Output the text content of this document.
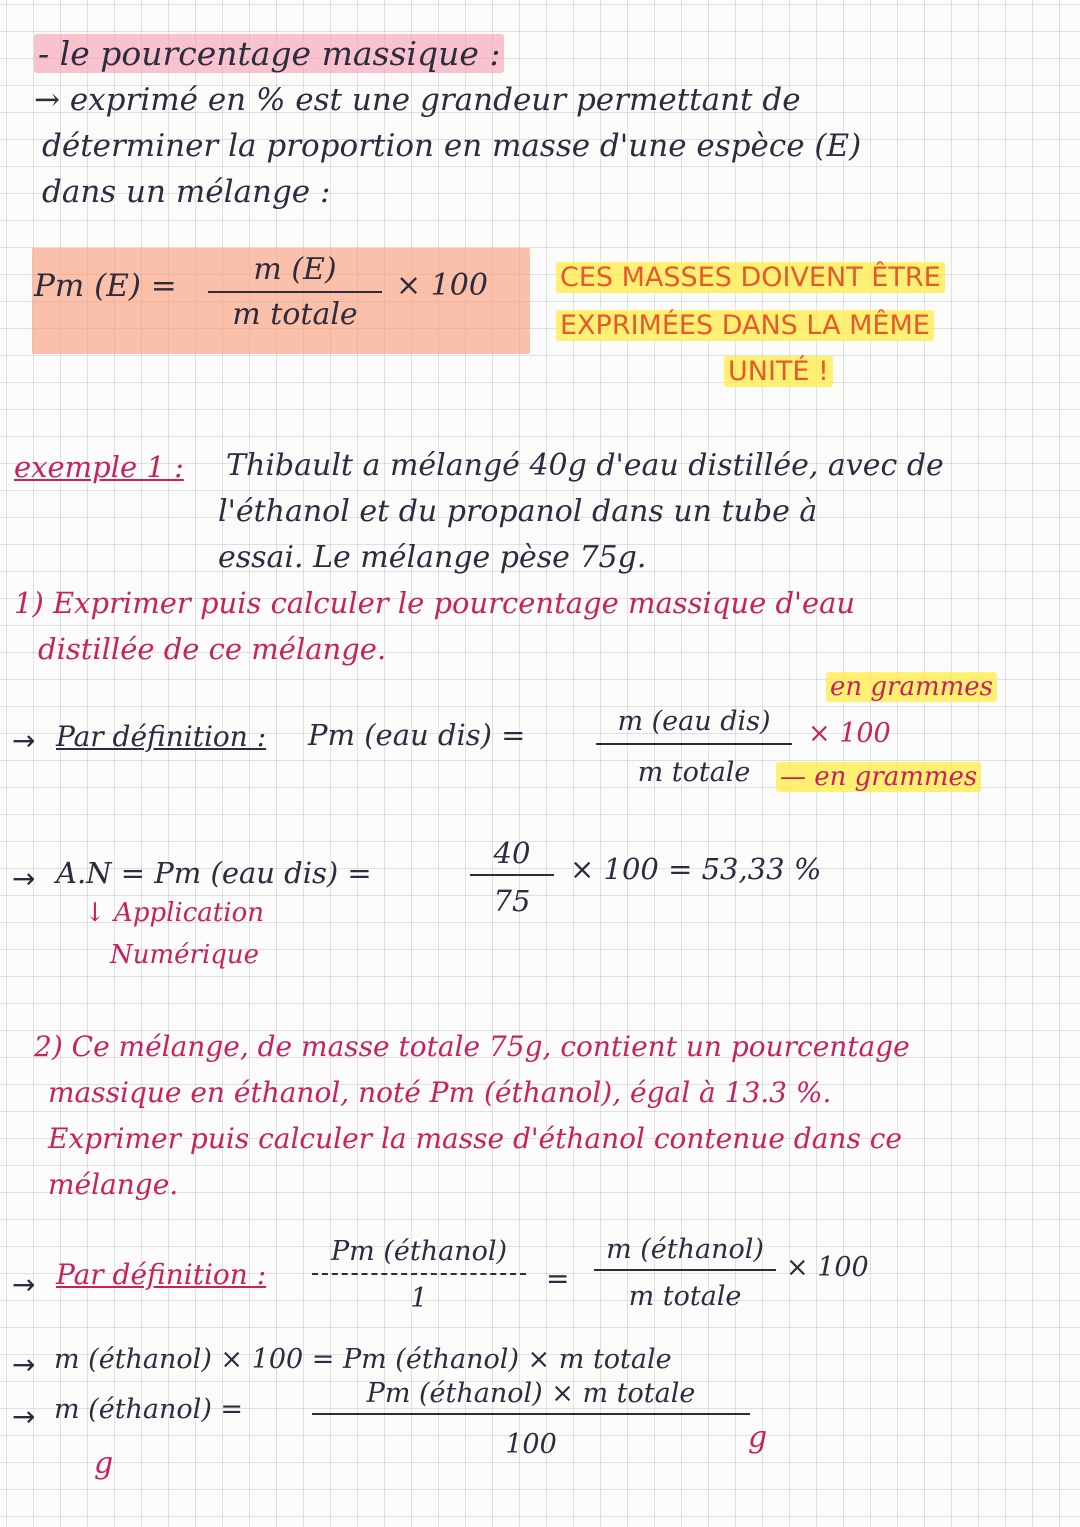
- le pourcentage massique :
→ exprimé en % est une grandeur permettant de
déterminer la proportion en masse d'une espèce (E)
dans un mélange :
Pm (E) =	m (E)
m totale
× 100	CES MASSES DOIVENT ÊTRE
EXPRIMÉES DANS LA MÊME
UNITÉ !
exemple 1 : Thibault a mélangé 40g d'eau distillée, avec de
l'éthanol et du propanol dans un tube à
essai. Le mélange pèse 75g.
1) Exprimer puis calculer le pourcentage massique d'eau
distillée de ce mélange.
→ Par définition : Pm (eau dis) =	m (eau dis)
m totale
× 100
en grammes
— en grammes
→ A.N = Pm (eau dis) =
40
75
× 100 = 53,33 %
↓ Application
Numérique
2) Ce mélange, de masse totale 75g, contient un pourcentage
massique en éthanol, noté Pm (éthanol), égal à 13.3 %.
Exprimer puis calculer la masse d'éthanol contenue dans ce
mélange.
→ Par définition :
Pm (éthanol)
1
=
m (éthanol)
m totale
× 100
→ m (éthanol) × 100 = Pm (éthanol) × m totale
→ m (éthanol) =
Pm (éthanol) × m totale
100
g
g
